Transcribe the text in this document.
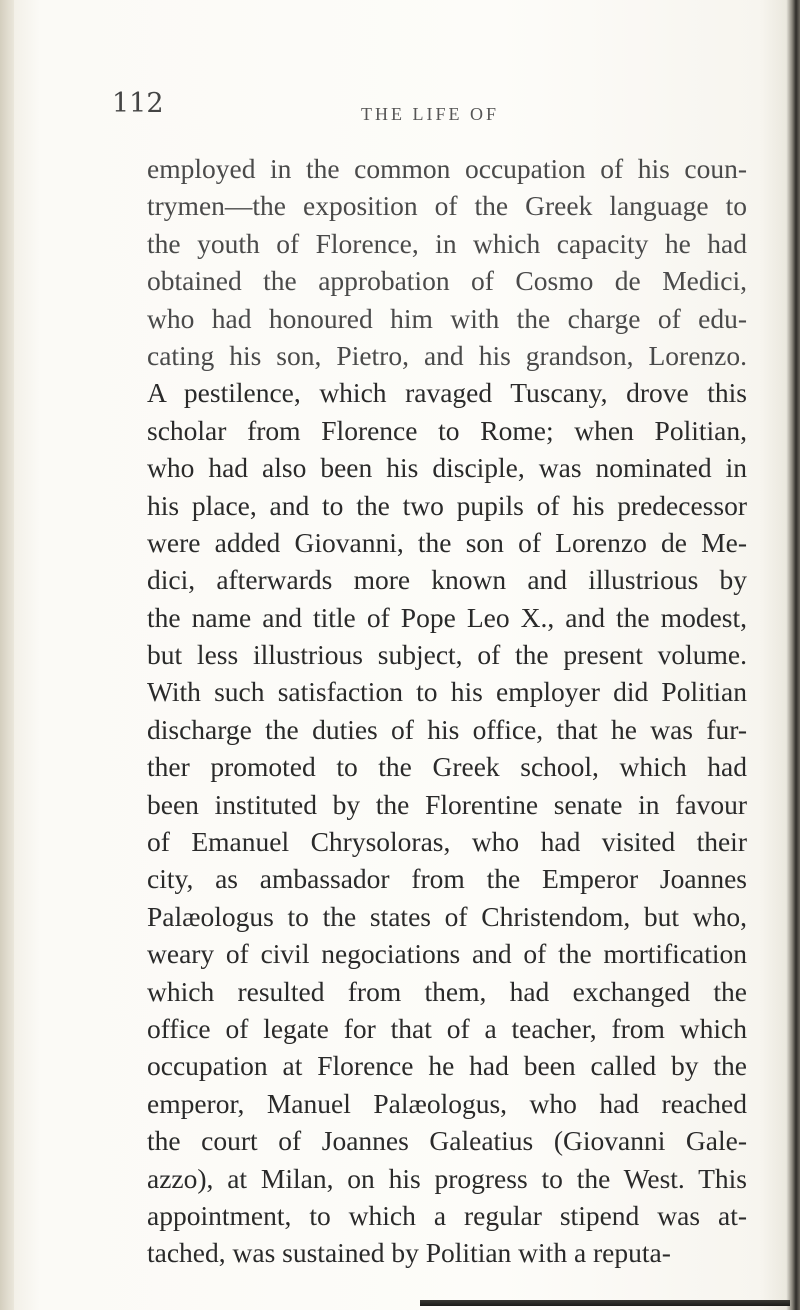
112	THE LIFE OF
employed in the common occupation of his coun-
trymen—the exposition of the Greek language to
the youth of Florence, in which capacity he had
obtained the approbation of Cosmo de Medici,
who had honoured him with the charge of edu-
cating his son, Pietro, and his grandson, Lorenzo.
A pestilence, which ravaged Tuscany, drove this
scholar from Florence to Rome; when Politian,
who had also been his disciple, was nominated in
his place, and to the two pupils of his predecessor
were added Giovanni, the son of Lorenzo de Me-
dici, afterwards more known and illustrious by
the name and title of Pope Leo X., and the modest,
but less illustrious subject, of the present volume.
With such satisfaction to his employer did Politian
discharge the duties of his office, that he was fur-
ther promoted to the Greek school, which had
been instituted by the Florentine senate in favour
of Emanuel Chrysoloras, who had visited their
city, as ambassador from the Emperor Joannes
Palæologus to the states of Christendom, but who,
weary of civil negociations and of the mortification
which resulted from them, had exchanged the
office of legate for that of a teacher, from which
occupation at Florence he had been called by the
emperor, Manuel Palæologus, who had reached
the court of Joannes Galeatius (Giovanni Gale-
azzo), at Milan, on his progress to the West. This
appointment, to which a regular stipend was at-
tached, was sustained by Politian with a reputa-
